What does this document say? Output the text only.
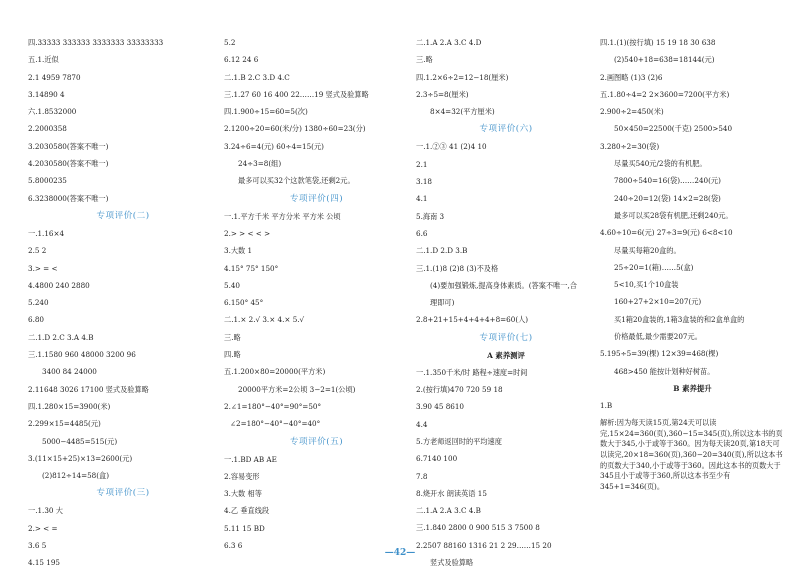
四.33333 333333 3333333 33333333
五.1.近似
2.1 4959 7870
3.14890 4
六.1.8532000
2.2000358
3.2030580(答案不唯一)
4.2030580(答案不唯一)
5.8000235
6.3238000(答案不唯一)
专项评价(二)
一.1.16×4
2.5 2
3.> = <
4.4800 240 2880
5.240
6.80
二.1.D 2.C 3.A 4.B
三.1.1580 960 48000 3200 96
3400 84 24000
2.11648 3026 17100 竖式及验算略
四.1.280×15=3900(米)
2.299×15=4485(元)
5000−4485=515(元)
3.(11×15+25)×13=2600(元)
(2)812÷14=58(盒)
专项评价(三)
一.1.30 大
2.> < =
3.6 5
4.15 195
5.2
6.12 24 6
二.1.B 2.C 3.D 4.C
三.1.27 60 16 400 22……19 竖式及验算略
四.1.900÷15=60=5(次)
2.1200÷20=60(米/分) 1380÷60=23(分)
3.24÷6=4(元) 60÷4=15(元)
24÷3=8(组)
最多可以买32个这款笔袋,还剩2元。
专项评价(四)
一.1.平方千米 平方分米 平方米 公顷
2.> > < < >
3.大数 1
4.15° 75° 150°
5.40
6.150° 45°
二.1.× 2.√ 3.× 4.× 5.√
三.略
四.略
五.1.200×80=20000(平方米)
20000平方米=2公顷 3−2=1(公顷)
2.∠1=180°−40°=90°=50°
∠2=180°−40°−40°=40°
专项评价(五)
一.1.BD AB AE
2.容易变形
3.大数 相等
4.乙 垂直线段
5.11 15 BD
6.3 6
二.1.A 2.A 3.C 4.D
三.略
四.1.2×6÷2=12−18(厘米)
2.3÷5=8(厘米)
8×4=32(平方厘米)
专项评价(六)
一.1.②③ 41 (2)4 10
2.1
3.18
4.1
5.海南 3
6.6
二.1.D 2.D 3.B
三.1.(1)8 (2)8 (3)不及格
(4)要加强锻炼,提高身体素质。(答案不唯一,合
理即可)
2.8+21+15+4+4+4+8=60(人)
专项评价(七)
A 素养测评
一.1.350千米/时 路程÷速度=时间
2.(按行填)470 720 59 18
3.90 45 8610
4.4
5.方老师返回时的平均速度
6.7140 100
7.8
8.烧开水 朗读英语 15
二.1.A 2.A 3.C 4.B
三.1.840 2800 0 900 515 3 7500 8
2.2507 88160 1316 21 2 29……15 20
竖式及验算略
四.1.(1)(按行填) 15 19 18 30 638
(2)540+18=638=18144(元)
2.画图略 (1)3 (2)6
五.1.80÷4=2 2×3600=7200(平方米)
2.900÷2=450(米)
50×450=22500(千克) 2500>540
3.280÷2=30(袋)
尽量买540元/2袋的有机肥。
7800÷540=16(袋)……240(元)
240÷20=12(袋) 14×2=28(袋)
最多可以买28袋有机肥,还剩240元。
4.60÷10=6(元) 27÷3=9(元) 6<8<10
尽量买每箱20盒的。
25÷20=1(箱)……5(盒)
5<10,买1个10盒装
160+27+2×10=207(元)
买1箱20盒装的,1箱3盒装的和2盒单盒的
价格最低,最少需要207元。
5.195÷5=39(棵) 12×39=468(棵)
468>450 能按计划种好树苗。
B 素养提升
1.B
解析:因为每天读15页,第24天可以读完,15×24=360(页),360−15=345(页),所以这本书的页数大于345,小于或等于360。因为每天读20页,第18天可以读完,20×18=360(页),360−20=340(页),所以这本书的页数大于340,小于或等于360。因此这本书的页数大于345且小于或等于360,所以这本书至少有345+1=346(页)。
—42—
